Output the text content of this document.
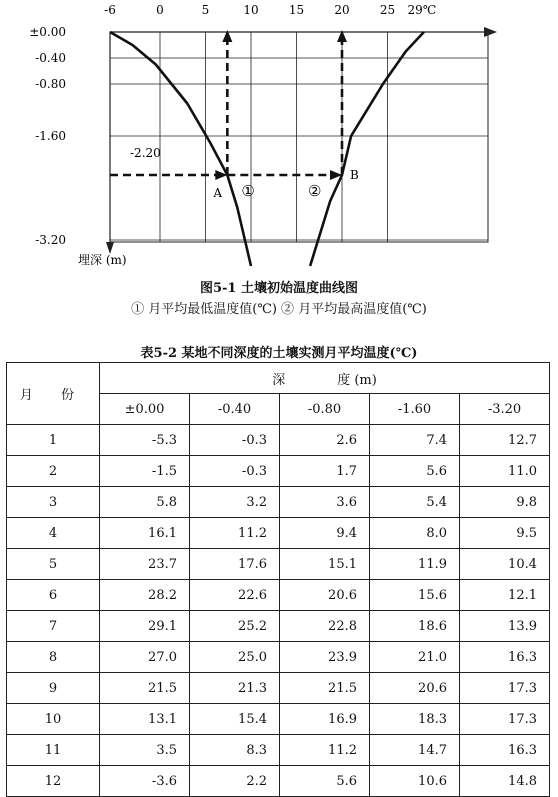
-6	0	5	10	15	20	25 29℃
±0.00
-0.40
-0.80
-1.60
-2.20
-3.20
A
B
①	②
埋深 (m)
图5-1 土壤初始温度曲线图
① 月平均最低温度值(℃) ② 月平均最高温度值(℃)
表5-2 某地不同深度的土壤实测月平均温度(℃)
月 份	深　　　　度 (m)				
	±0.00	-0.40	-0.80	-1.60	-3.20
1	-5.3	-0.3	2.6	7.4	12.7
2	-1.5	-0.3	1.7	5.6	11.0
3	5.8	3.2	3.6	5.4	9.8
4	16.1	11.2	9.4	8.0	9.5
5	23.7	17.6	15.1	11.9	10.4
6	28.2	22.6	20.6	15.6	12.1
7	29.1	25.2	22.8	18.6	13.9
8	27.0	25.0	23.9	21.0	16.3
9	21.5	21.3	21.5	20.6	17.3
10	13.1	15.4	16.9	18.3	17.3
11	3.5	8.3	11.2	14.7	16.3
12	-3.6	2.2	5.6	10.6	14.8
